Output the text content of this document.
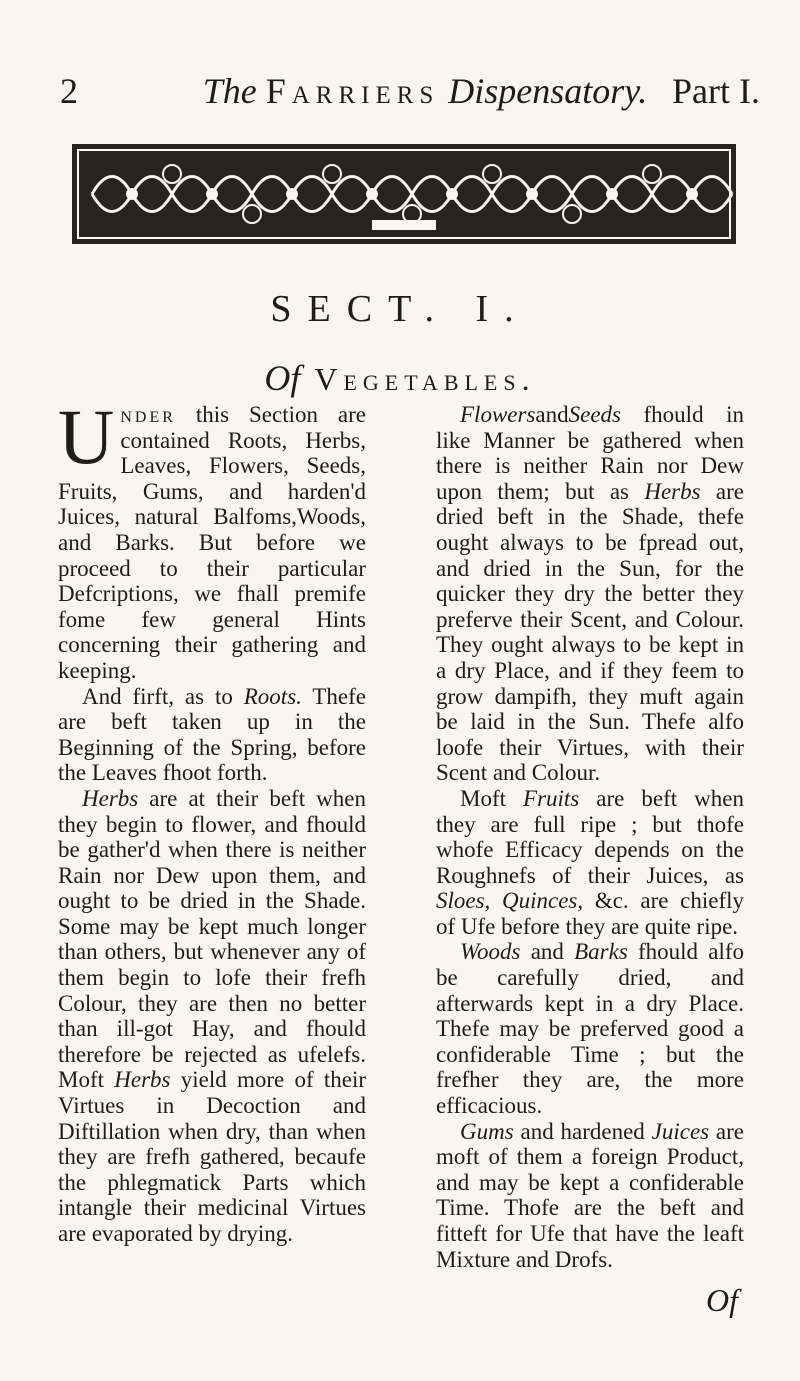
2	The Farriers Dispensatory. Part I.
SECT. I.
Of Vegetables.

U nder this Section are contained Roots, Herbs, Leaves, Flowers, Seeds, Fruits, Gums, and harden'd Juices, natural Balfoms,Woods, and Barks. But before we proceed to their particular Defcriptions, we fhall premife fome few general Hints concerning their gathering and keeping.

And firft, as to Roots. Thefe are beft taken up in the Beginning of the Spring, before the Leaves fhoot forth.

Herbs are at their beft when they begin to flower, and fhould be gather'd when there is neither Rain nor Dew upon them, and ought to be dried in the Shade. Some may be kept much longer than others, but whenever any of them begin to lofe their frefh Colour, they are then no better than ill-got Hay, and fhould therefore be rejected as ufelefs. Moft Herbs yield more of their Virtues in Decoction and Diftillation when dry, than when they are frefh gathered, becaufe the phlegmatick Parts which intangle their medicinal Virtues are evaporated by drying.

FlowersandSeeds fhould in like Manner be gathered when there is neither Rain nor Dew upon them; but as Herbs are dried beft in the Shade, thefe ought always to be fpread out, and dried in the Sun, for the quicker they dry the better they preferve their Scent, and Colour. They ought always to be kept in a dry Place, and if they feem to grow dampifh, they muft again be laid in the Sun. Thefe alfo loofe their Virtues, with their Scent and Colour.

Moft Fruits are beft when they are full ripe ; but thofe whofe Efficacy depends on the Roughnefs of their Juices, as Sloes, Quinces, &c. are chiefly of Ufe before they are quite ripe.

Woods and Barks fhould alfo be carefully dried, and afterwards kept in a dry Place. Thefe may be preferved good a confiderable Time ; but the frefher they are, the more efficacious.

Gums and hardened Juices are moft of them a foreign Product, and may be kept a confiderable Time. Thofe are the beft and fitteft for Ufe that have the leaft Mixture and Drofs.

Of
